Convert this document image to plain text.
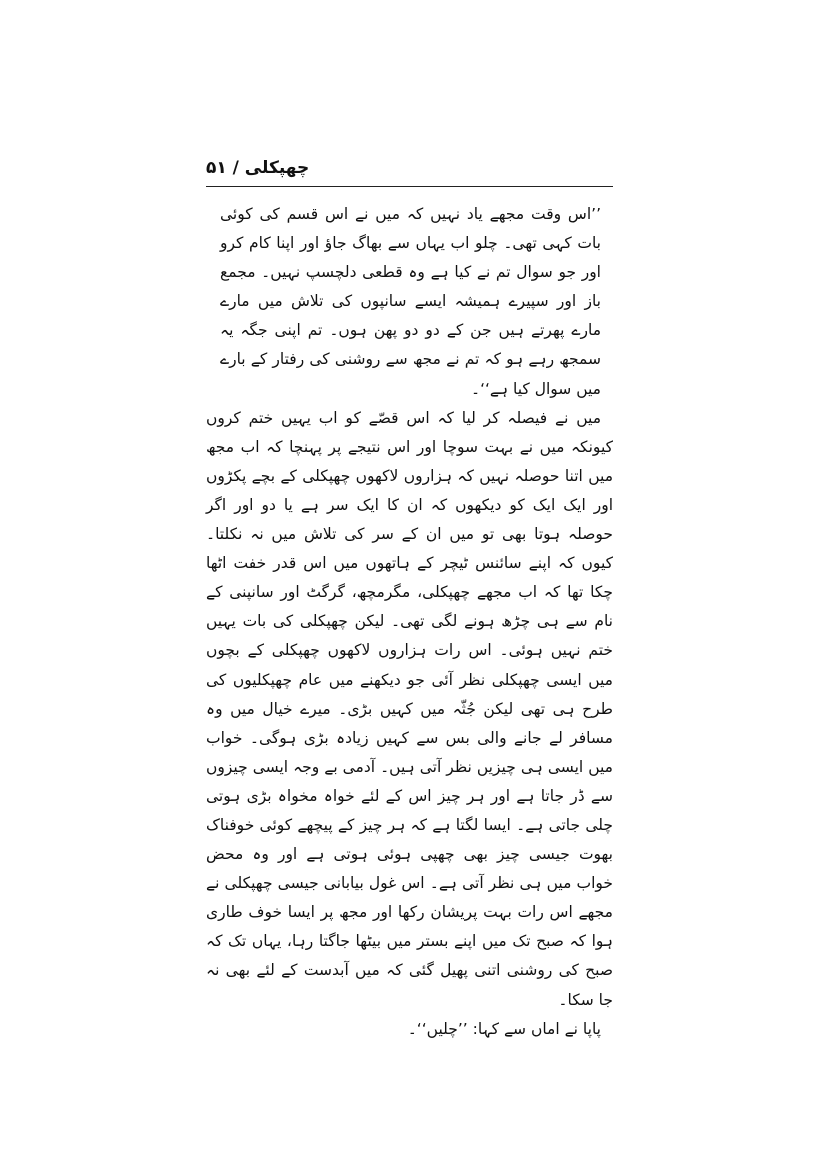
چھپکلی / ۵۱

’’اس وقت مجھے یاد نہیں کہ میں نے اس قسم کی کوئی بات کہی تھی۔ چلو اب یہاں سے بھاگ جاؤ اور اپنا کام کرو اور جو سوال تم نے کیا ہے وہ قطعی دلچسپ نہیں۔ مجمع باز اور سپیرے ہمیشہ ایسے سانپوں کی تلاش میں مارے مارے پھرتے ہیں جن کے دو دو پھن ہوں۔ تم اپنی جگہ یہ سمجھ رہے ہو کہ تم نے مجھ سے روشنی کی رفتار کے بارے میں سوال کیا ہے‘‘۔

میں نے فیصلہ کر لیا کہ اس قصّے کو اب یہیں ختم کروں کیونکہ میں نے بہت سوچا اور اس نتیجے پر پہنچا کہ اب مجھ میں اتنا حوصلہ نہیں کہ ہزاروں لاکھوں چھپکلی کے بچے پکڑوں اور ایک ایک کو دیکھوں کہ ان کا ایک سر ہے یا دو اور اگر حوصلہ ہوتا بھی تو میں ان کے سر کی تلاش میں نہ نکلتا۔ کیوں کہ اپنے سائنس ٹیچر کے ہاتھوں میں اس قدر خفت اٹھا چکا تھا کہ اب مجھے چھپکلی، مگرمچھ، گرگٹ اور سانپنی کے نام سے ہی چڑھ ہونے لگی تھی۔ لیکن چھپکلی کی بات یہیں ختم نہیں ہوئی۔ اس رات ہزاروں لاکھوں چھپکلی کے بچوں میں ایسی چھپکلی نظر آئی جو دیکھنے میں عام چھپکلیوں کی طرح ہی تھی لیکن جُثّہ میں کہیں بڑی۔ میرے خیال میں وہ مسافر لے جانے والی بس سے کہیں زیادہ بڑی ہوگی۔ خواب میں ایسی ہی چیزیں نظر آتی ہیں۔ آدمی بے وجہ ایسی چیزوں سے ڈر جاتا ہے اور ہر چیز اس کے لئے خواہ مخواہ بڑی ہوتی چلی جاتی ہے۔ ایسا لگتا ہے کہ ہر چیز کے پیچھے کوئی خوفناک بھوت جیسی چیز بھی چھپی ہوئی ہوتی ہے اور وہ محض خواب میں ہی نظر آتی ہے۔ اس غول بیابانی جیسی چھپکلی نے مجھے اس رات بہت پریشان رکھا اور مجھ پر ایسا خوف طاری ہوا کہ صبح تک میں اپنے بستر میں بیٹھا جاگتا رہا، یہاں تک کہ صبح کی روشنی اتنی پھیل گئی کہ میں آبدست کے لئے بھی نہ جا سکا۔

پاپا نے اماں سے کہا: ’’چلیں‘‘۔
